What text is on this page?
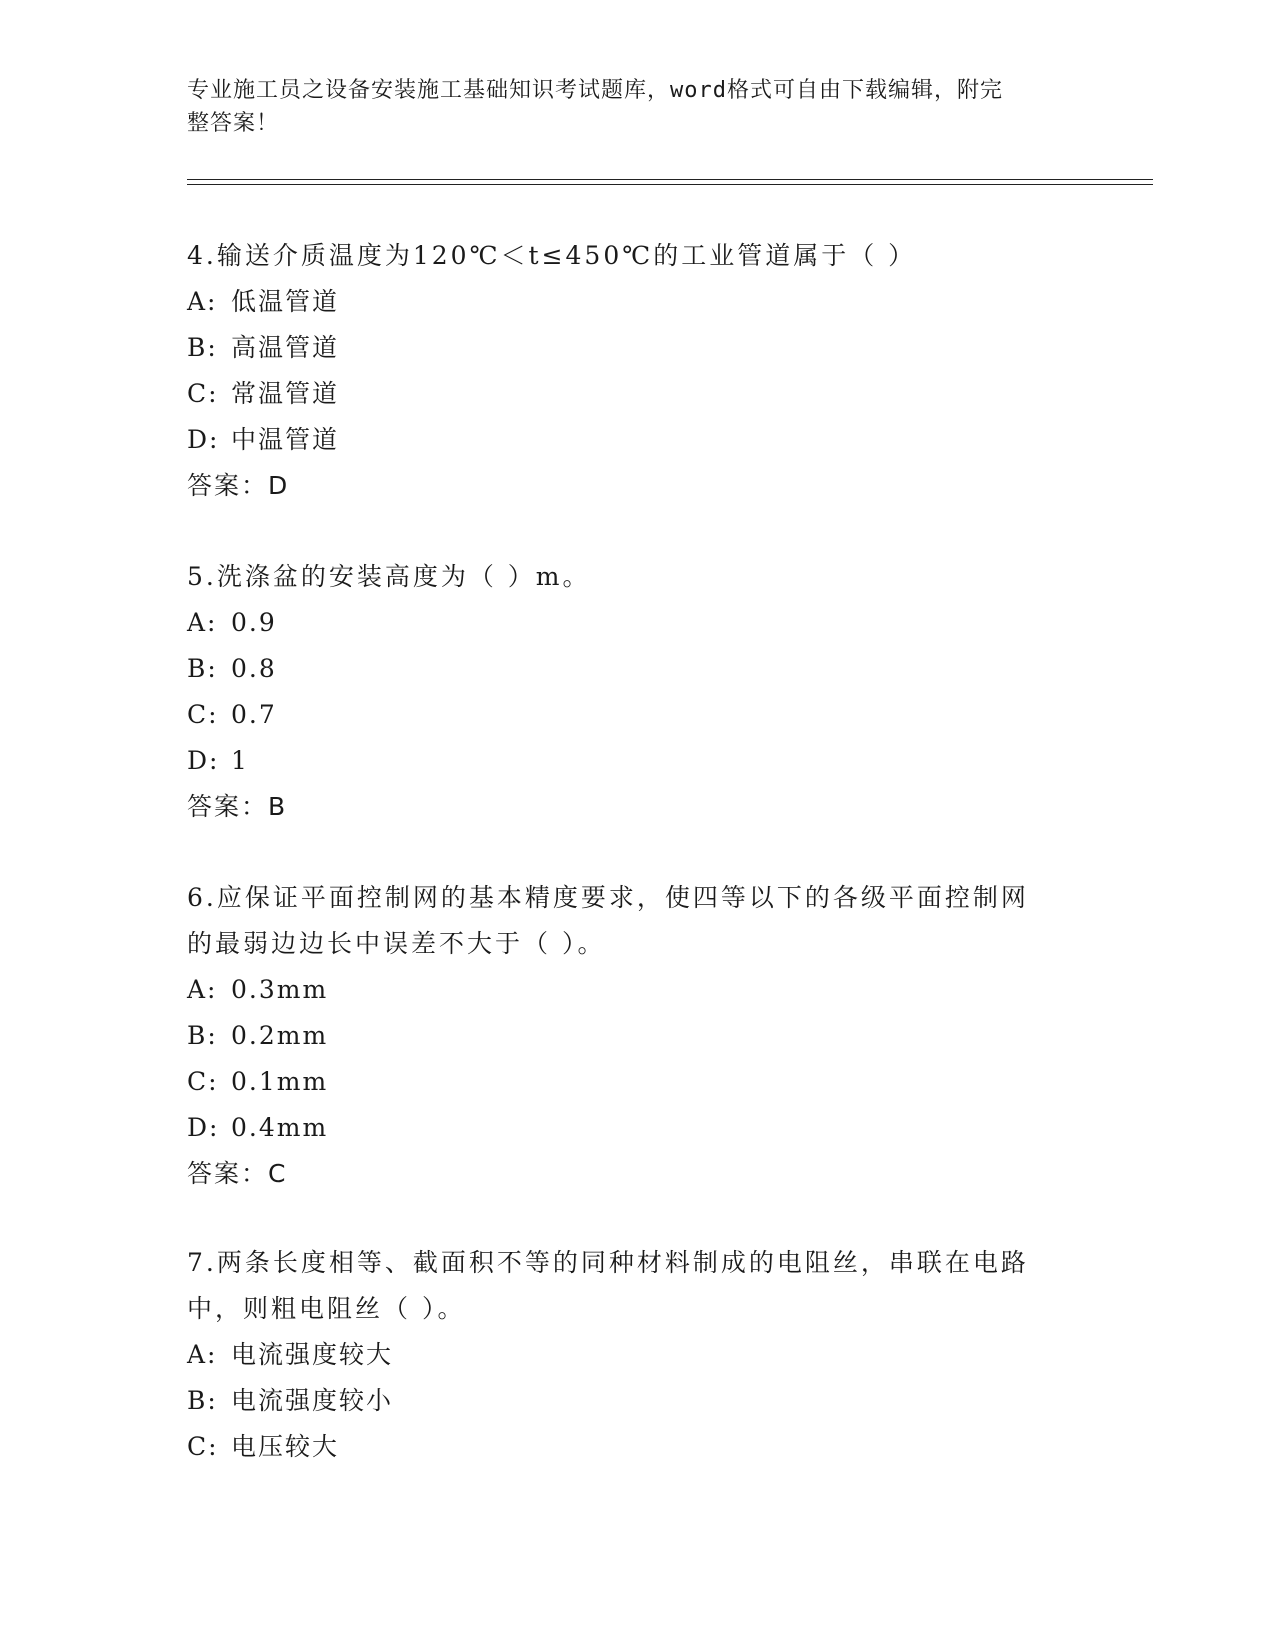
专业施工员之设备安装施工基础知识考试题库，word格式可自由下载编辑，附完
整答案！
4.输送介质温度为120℃＜t≤450℃的工业管道属于（ ）
A: 低温管道
B: 高温管道
C: 常温管道
D: 中温管道
答案：D
5.洗涤盆的安装高度为（ ）m。
A: 0.9
B: 0.8
C: 0.7
D: 1
答案：B
6.应保证平面控制网的基本精度要求，使四等以下的各级平面控制网
的最弱边边长中误差不大于（ ）。
A: 0.3mm
B: 0.2mm
C: 0.1mm
D: 0.4mm
答案：C
7.两条长度相等、截面积不等的同种材料制成的电阻丝，串联在电路
中，则粗电阻丝（ ）。
A: 电流强度较大
B: 电流强度较小
C: 电压较大
